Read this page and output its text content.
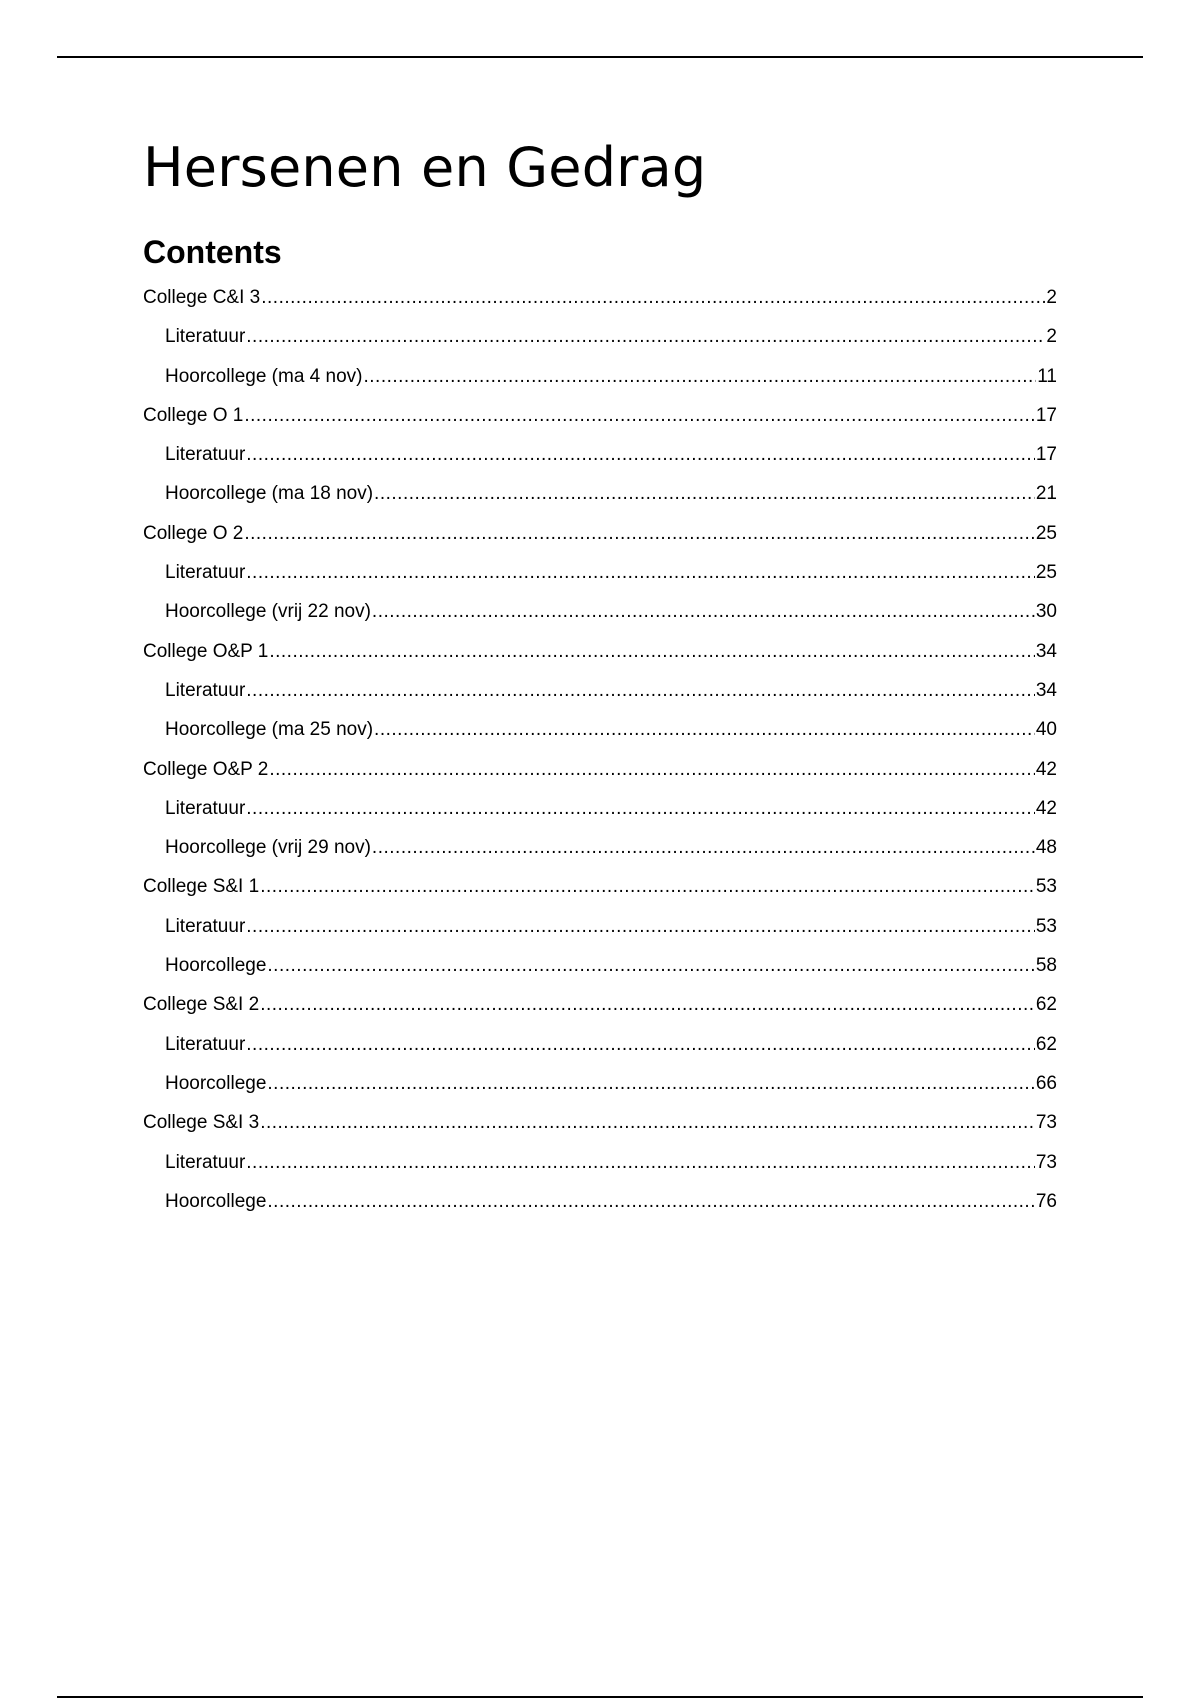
Hersenen en Gedrag
Contents
College C&I 3 .....	2
Literatuur .....	2
Hoorcollege (ma 4 nov) .....	11
College O 1 .....	17
Literatuur .....	17
Hoorcollege (ma 18 nov) .....	21
College O 2 .....	25
Literatuur .....	25
Hoorcollege (vrij 22 nov) .....	30
College O&P 1 .....	34
Literatuur .....	34
Hoorcollege (ma 25 nov) .....	40
College O&P 2 .....	42
Literatuur .....	42
Hoorcollege (vrij 29 nov) .....	48
College S&I 1 .....	53
Literatuur .....	53
Hoorcollege .....	58
College S&I 2 .....	62
Literatuur .....	62
Hoorcollege .....	66
College S&I 3 .....	73
Literatuur .....	73
Hoorcollege .....	76
